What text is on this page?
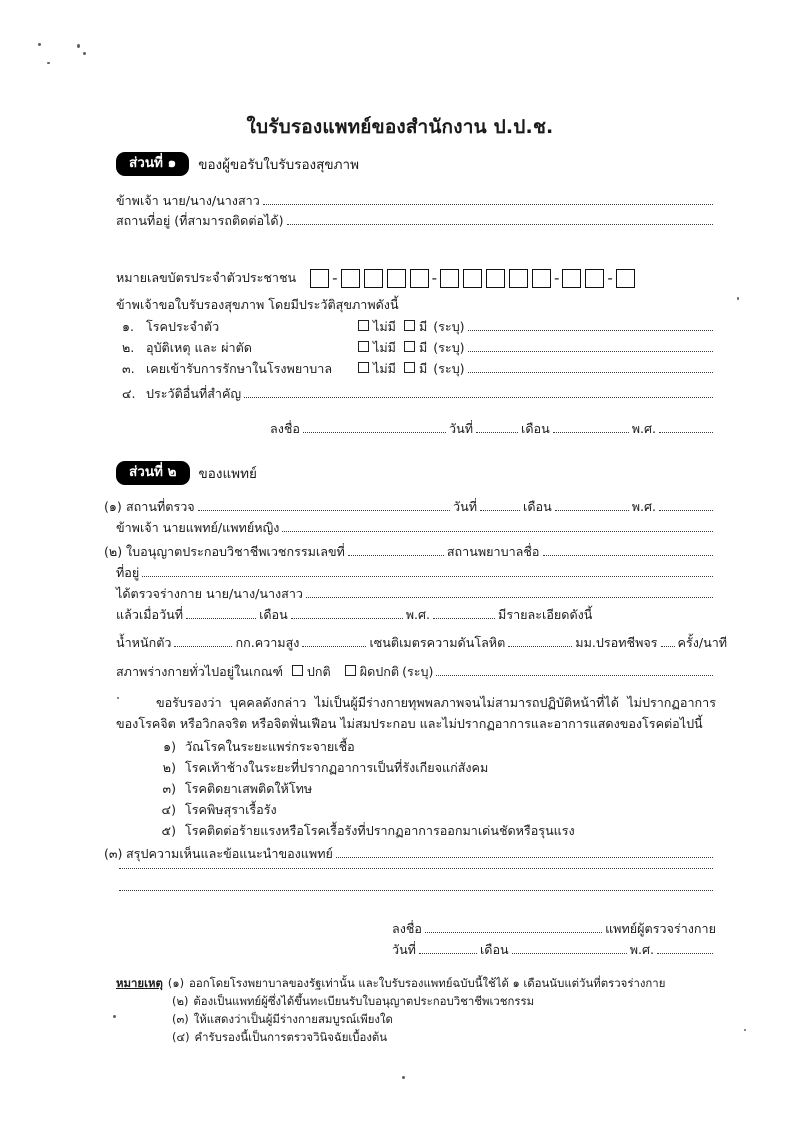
ใบรับรองแพทย์ของสำนักงาน ป.ป.ช.
ส่วนที่ ๑	ของผู้ขอรับใบรับรองสุขภาพ
ข้าพเจ้า นาย/นาง/นางสาว
สถานที่อยู่ (ที่สามารถติดต่อได้)
หมายเลขบัตรประจำตัวประชาชน -	-	-	-
ข้าพเจ้าขอใบรับรองสุขภาพ โดยมีประวัติสุขภาพดังนี้
๑. โรคประจำตัว	ไม่มี มี (ระบุ)
๒. อุบัติเหตุ และ ผ่าตัด	ไม่มี มี (ระบุ)
๓. เคยเข้ารับการรักษาในโรงพยาบาล	ไม่มี มี (ระบุ)
๔. ประวัติอื่นที่สำคัญ
ลงชื่อ	วันที่	เดือน	พ.ศ.
ส่วนที่ ๒	ของแพทย์
(๑) สถานที่ตรวจ	วันที่	เดือน	พ.ศ.
ข้าพเจ้า นายแพทย์/แพทย์หญิง
(๒) ใบอนุญาตประกอบวิชาชีพเวชกรรมเลขที่	สถานพยาบาลชื่อ
ที่อยู่
ได้ตรวจร่างกาย นาย/นาง/นางสาว
แล้วเมื่อวันที่	เดือน	พ.ศ.	มีรายละเอียดดังนี้
น้ำหนักตัว	กก. ความสูง	เซนติเมตร ความดันโลหิต	มม.ปรอท ชีพจร ครั้ง/นาที
สภาพร่างกายทั่วไปอยู่ในเกณฑ์ ปกติ ผิดปกติ (ระบุ)
ขอรับรองว่า บุคคลดังกล่าว ไม่เป็นผู้มีร่างกายทุพพลภาพจนไม่สามารถปฏิบัติหน้าที่ได้ ไม่ปรากฏอาการของโรคจิต หรือวิกลจริต หรือจิตฟั่นเฟือน ไม่สมประกอบ และไม่ปรากฏอาการและอาการแสดงของโรคต่อไปนี้
๑) วัณโรคในระยะแพร่กระจายเชื้อ
๒) โรคเท้าช้างในระยะที่ปรากฏอาการเป็นที่รังเกียจแก่สังคม
๓) โรคติดยาเสพติดให้โทษ
๔) โรคพิษสุราเรื้อรัง
๕) โรคติดต่อร้ายแรงหรือโรคเรื้อรังที่ปรากฏอาการออกมาเด่นชัดหรือรุนแรง
(๓) สรุปความเห็นและข้อแนะนำของแพทย์
ลงชื่อ	แพทย์ผู้ตรวจร่างกาย
วันที่	เดือน	พ.ศ.
หมายเหตุ (๑) ออกโดยโรงพยาบาลของรัฐเท่านั้น และใบรับรองแพทย์ฉบับนี้ใช้ได้ ๑ เดือนนับแต่วันที่ตรวจร่างกาย
(๒) ต้องเป็นแพทย์ผู้ซึ่งได้ขึ้นทะเบียนรับใบอนุญาตประกอบวิชาชีพเวชกรรม
(๓) ให้แสดงว่าเป็นผู้มีร่างกายสมบูรณ์เพียงใด
(๔) คำรับรองนี้เป็นการตรวจวินิจฉัยเบื้องต้น
